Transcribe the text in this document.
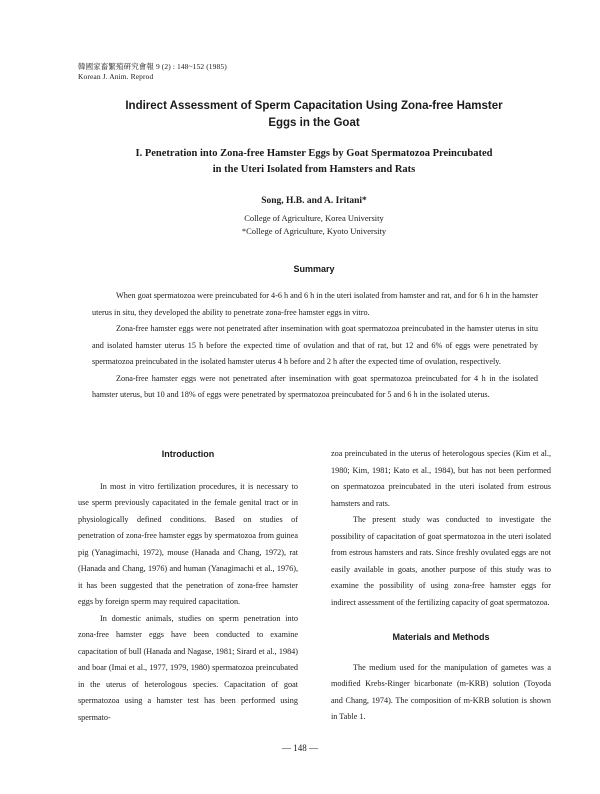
韓國家畜繁殖硏究會報 9 (2) : 148~152 (1985)
Korean J. Anim. Reprod
Indirect Assessment of Sperm Capacitation Using Zona-free Hamster
Eggs in the Goat
I. Penetration into Zona-free Hamster Eggs by Goat Spermatozoa Preincubated
in the Uteri Isolated from Hamsters and Rats
Song, H.B. and A. Iritani*
College of Agriculture, Korea University
*College of Agriculture, Kyoto University
Summary

When goat spermatozoa were preincubated for 4-6 h and 6 h in the uteri isolated from hamster and rat, and for 6 h in the hamster uterus in situ, they developed the ability to penetrate zona-free hamster eggs in vitro.

Zona-free hamster eggs were not penetrated after insemination with goat spermatozoa preincubated in the hamster uterus in situ and isolated hamster uterus 15 h before the expected time of ovulation and that of rat, but 12 and 6% of eggs were penetrated by spermatozoa preincubated in the isolated hamster uterus 4 h before and 2 h after the expected time of ovulation, respectively.

Zona-free hamster eggs were not penetrated after insemination with goat spermatozoa preincubated for 4 h in the isolated hamster uterus, but 10 and 18% of eggs were penetrated by spermatozoa preincubated for 5 and 6 h in the isolated uterus.

Introduction

In most in vitro fertilization procedures, it is necessary to use sperm previously capacitated in the female genital tract or in physiologically defined conditions. Based on studies of penetration of zona-free hamster eggs by spermatozoa from guinea pig (Yanagimachi, 1972), mouse (Hanada and Chang, 1972), rat (Hanada and Chang, 1976) and human (Yanagimachi et al., 1976), it has been suggested that the penetration of zona-free hamster eggs by foreign sperm may required capacitation.

In domestic animals, studies on sperm penetration into zona-free hamster eggs have been conducted to examine capacitation of bull (Hanada and Nagase, 1981; Sirard et al., 1984) and boar (Imai et al., 1977, 1979, 1980) spermatozoa preincubated in the uterus of heterologous species. Capacitation of goat spermatozoa using a hamster test has been performed using spermato-

zoa preincubated in the uterus of heterologous species (Kim et al., 1980; Kim, 1981; Kato et al., 1984), but has not been performed on spermatozoa preincubated in the uteri isolated from estrous hamsters and rats.

The present study was conducted to investigate the possibility of capacitation of goat spermatozoa in the uteri isolated from estrous hamsters and rats. Since freshly ovulated eggs are not easily available in goats, another purpose of this study was to examine the possibility of using zona-free hamster eggs for indirect assessment of the fertilizing capacity of goat spermatozoa.

Materials and Methods

The medium used for the manipulation of gametes was a modified Krebs-Ringer bicarbonate (m-KRB) solution (Toyoda and Chang, 1974). The composition of m-KRB solution is shown in Table 1.

— 148 —
